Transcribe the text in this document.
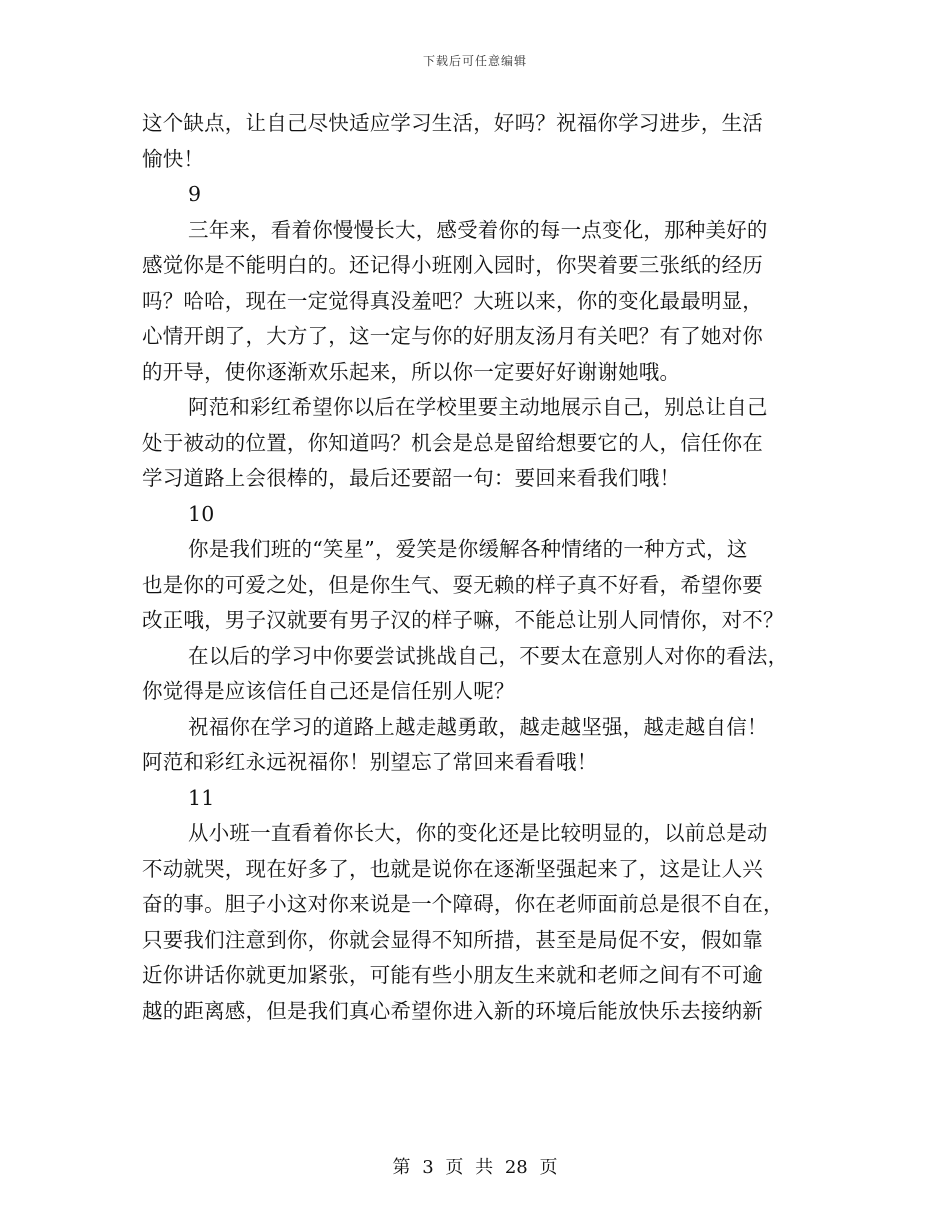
下载后可任意编辑
这个缺点，让自己尽快适应学习生活，好吗？祝福你学习进步，生活
愉快！
9
三年来，看着你慢慢长大，感受着你的每一点变化，那种美好的
感觉你是不能明白的。还记得小班刚入园时，你哭着要三张纸的经历
吗？哈哈，现在一定觉得真没羞吧？大班以来，你的变化最最明显，
心情开朗了，大方了，这一定与你的好朋友汤月有关吧？有了她对你
的开导，使你逐渐欢乐起来，所以你一定要好好谢谢她哦。
阿范和彩红希望你以后在学校里要主动地展示自己，别总让自己
处于被动的位置，你知道吗？机会是总是留给想要它的人，信任你在
学习道路上会很棒的，最后还要韶一句：要回来看我们哦！
10
你是我们班的“笑星”，爱笑是你缓解各种情绪的一种方式，这
也是你的可爱之处，但是你生气、耍无赖的样子真不好看，希望你要
改正哦，男子汉就要有男子汉的样子嘛，不能总让别人同情你，对不？
在以后的学习中你要尝试挑战自己，不要太在意别人对你的看法，
你觉得是应该信任自己还是信任别人呢？
祝福你在学习的道路上越走越勇敢，越走越坚强，越走越自信！
阿范和彩红永远祝福你！别望忘了常回来看看哦！
11
从小班一直看着你长大，你的变化还是比较明显的，以前总是动
不动就哭，现在好多了，也就是说你在逐渐坚强起来了，这是让人兴
奋的事。胆子小这对你来说是一个障碍，你在老师面前总是很不自在，
只要我们注意到你，你就会显得不知所措，甚至是局促不安，假如靠
近你讲话你就更加紧张，可能有些小朋友生来就和老师之间有不可逾
越的距离感，但是我们真心希望你进入新的环境后能放快乐去接纳新
第 3 页 共 28 页
